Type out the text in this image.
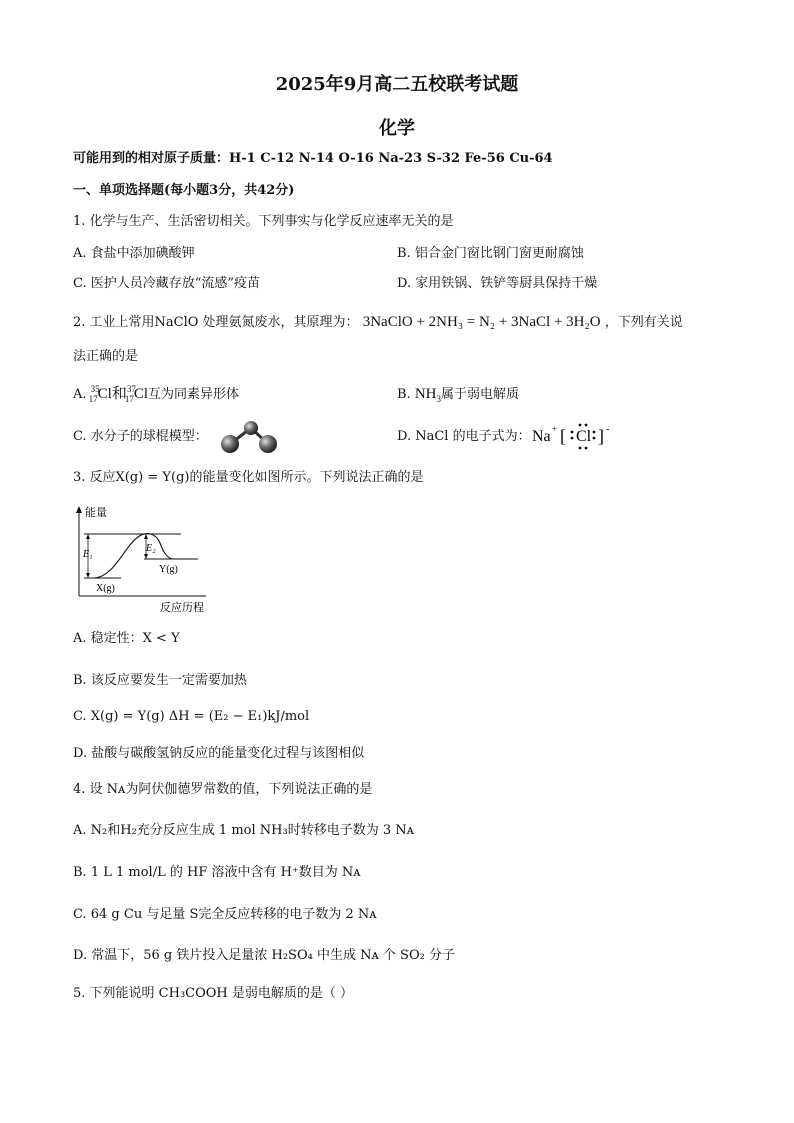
2025年9月高二五校联考试题
化学
可能用到的相对原子质量：H-1 C-12 N-14 O-16 Na-23 S-32 Fe-56 Cu-64
一、单项选择题(每小题3分，共42分)
1. 化学与生产、生活密切相关。下列事实与化学反应速率无关的是
A. 食盐中添加碘酸钾	B. 铝合金门窗比钢门窗更耐腐蚀
C. 医护人员冷藏存放“流感”疫苗	D. 家用铁锅、铁铲等厨具保持干燥
2. 工业上常用NaClO 处理氨氮废水，其原理为： 3NaClO + 2NH₃ = N₂ + 3NaCl + 3H₂O ，下列有关说
法正确的是
A. $^{35}_{17}$Cl和$^{37}_{17}$Cl互为同素异形体	B. $NH_3$属于弱电解质
C. 水分子的球棍模型：	D. NaCl 的电子式为： Na + [ Cl ] -
3. 反应X(g) = Y(g)的能量变化如图所示。下列说法正确的是
能量
E₁
E₂
Y(g)
X(g)
反应历程
A. 稳定性：X < Y
B. 该反应要发生一定需要加热
C. X(g) = Y(g) ΔH = (E₂ − E₁)kJ/mol
D. 盐酸与碳酸氢钠反应的能量变化过程与该图相似
4. 设 Nᴀ为阿伏伽德罗常数的值，下列说法正确的是
A. N₂和H₂充分反应生成 1 mol NH₃时转移电子数为 3 Nᴀ
B. 1 L 1 mol/L 的 HF 溶液中含有 H⁺数目为 Nᴀ
C. 64 g Cu 与足量 S完全反应转移的电子数为 2 Nᴀ
D. 常温下，56 g 铁片投入足量浓 H₂SO₄ 中生成 Nᴀ 个 SO₂ 分子
5. 下列能说明 CH₃COOH 是弱电解质的是（ ）
